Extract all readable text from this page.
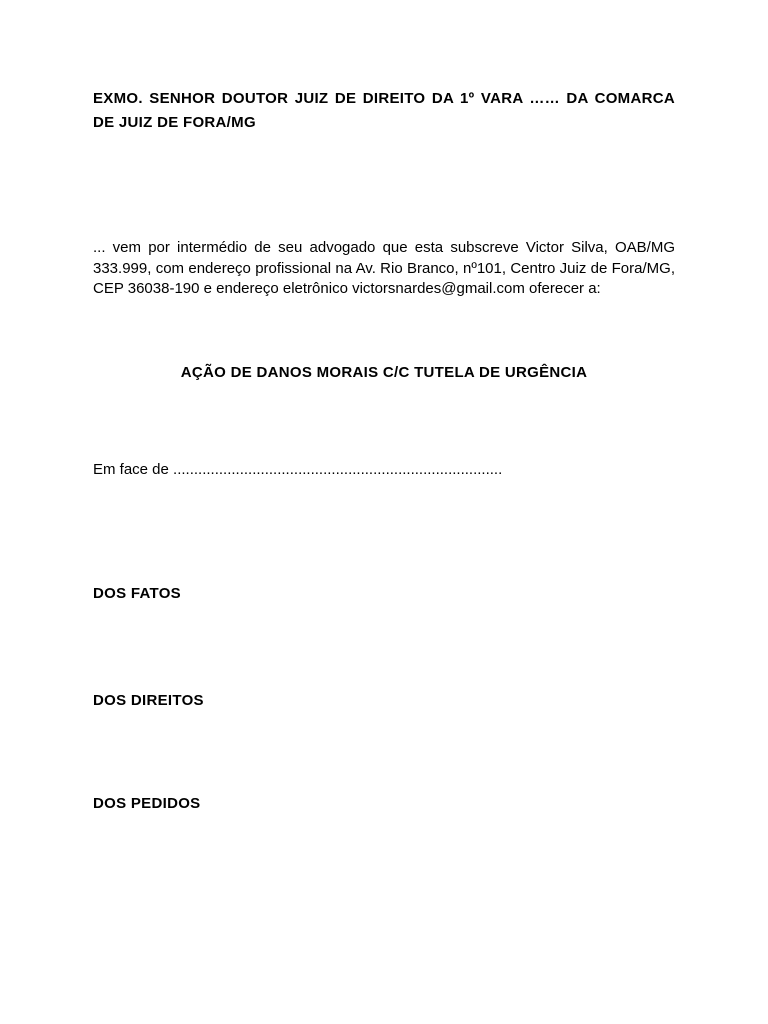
EXMO. SENHOR DOUTOR JUIZ DE DIREITO DA 1º VARA …… DA COMARCA DE JUIZ DE FORA/MG
... vem por intermédio de seu advogado que esta subscreve Victor Silva, OAB/MG 333.999, com endereço profissional na Av. Rio Branco, nº101, Centro Juiz de Fora/MG, CEP 36038-190 e endereço eletrônico victorsnardes@gmail.com oferecer a:
AÇÃO DE DANOS MORAIS C/C TUTELA DE URGÊNCIA
Em face de ...............................................................................
DOS FATOS
DOS DIREITOS
DOS PEDIDOS
